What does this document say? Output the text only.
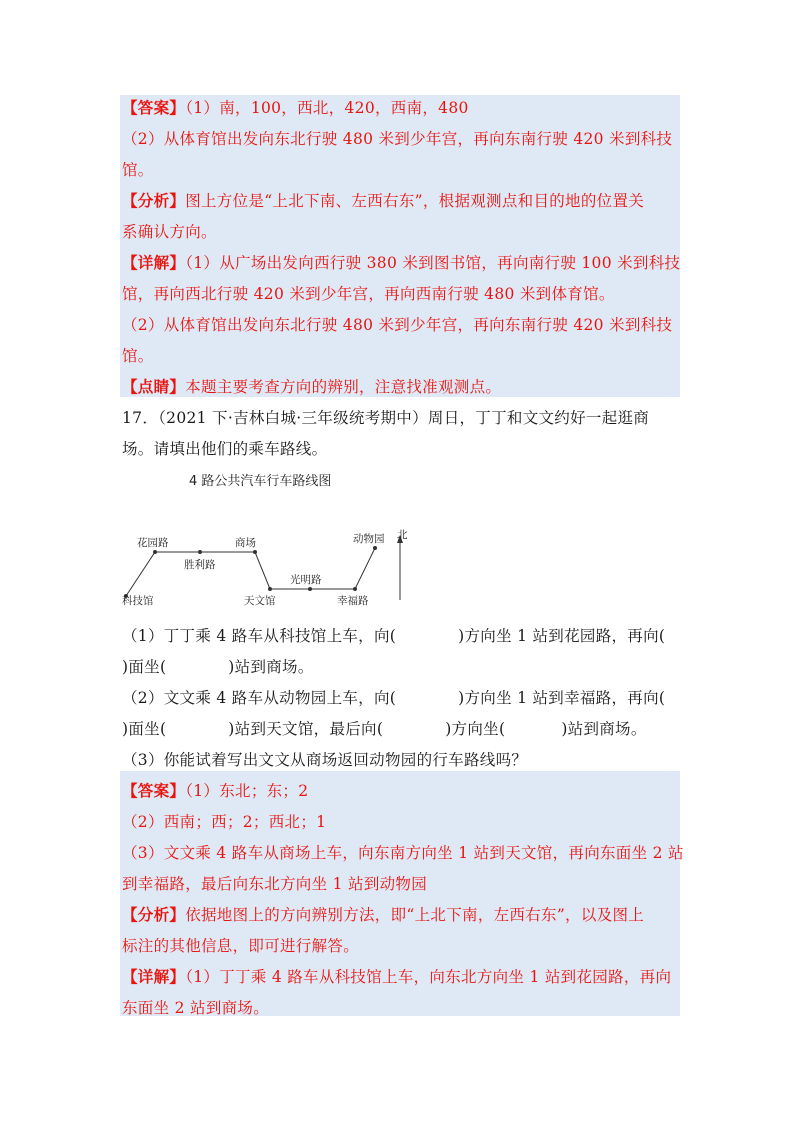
【答案】（1）南，100，西北，420，西南，480
（2）从体育馆出发向东北行驶 480 米到少年宫，再向东南行驶 420 米到科技
馆。
【分析】图上方位是“上北下南、左西右东”，根据观测点和目的地的位置关
系确认方向。
【详解】（1）从广场出发向西行驶 380 米到图书馆，再向南行驶 100 米到科技
馆，再向西北行驶 420 米到少年宫，再向西南行驶 480 米到体育馆。
（2）从体育馆出发向东北行驶 480 米到少年宫，再向东南行驶 420 米到科技
馆。
【点睛】本题主要考查方向的辨别，注意找准观测点。
17．（2021 下·吉林白城·三年级统考期中）周日，丁丁和文文约好一起逛商
场。请填出他们的乘车路线。
4 路公共汽车行车路线图
花园路
胜利路
商场	动物园 北
光明路
科技馆	天文馆	幸福路
（1）丁丁乘 4 路车从科技馆上车，向(	)方向坐 1 站到花园路，再向(
)面坐(	)站到商场。
（2）文文乘 4 路车从动物园上车，向(	)方向坐 1 站到幸福路，再向(
)面坐(	)站到天文馆，最后向(	)方向坐(	)站到商场。
（3）你能试着写出文文从商场返回动物园的行车路线吗？
【答案】（1）东北；东；2
（2）西南；西；2；西北；1
（3）文文乘 4 路车从商场上车，向东南方向坐 1 站到天文馆，再向东面坐 2 站
到幸福路，最后向东北方向坐 1 站到动物园
【分析】依据地图上的方向辨别方法，即“上北下南，左西右东”，以及图上
标注的其他信息，即可进行解答。
【详解】（1）丁丁乘 4 路车从科技馆上车，向东北方向坐 1 站到花园路，再向
东面坐 2 站到商场。
